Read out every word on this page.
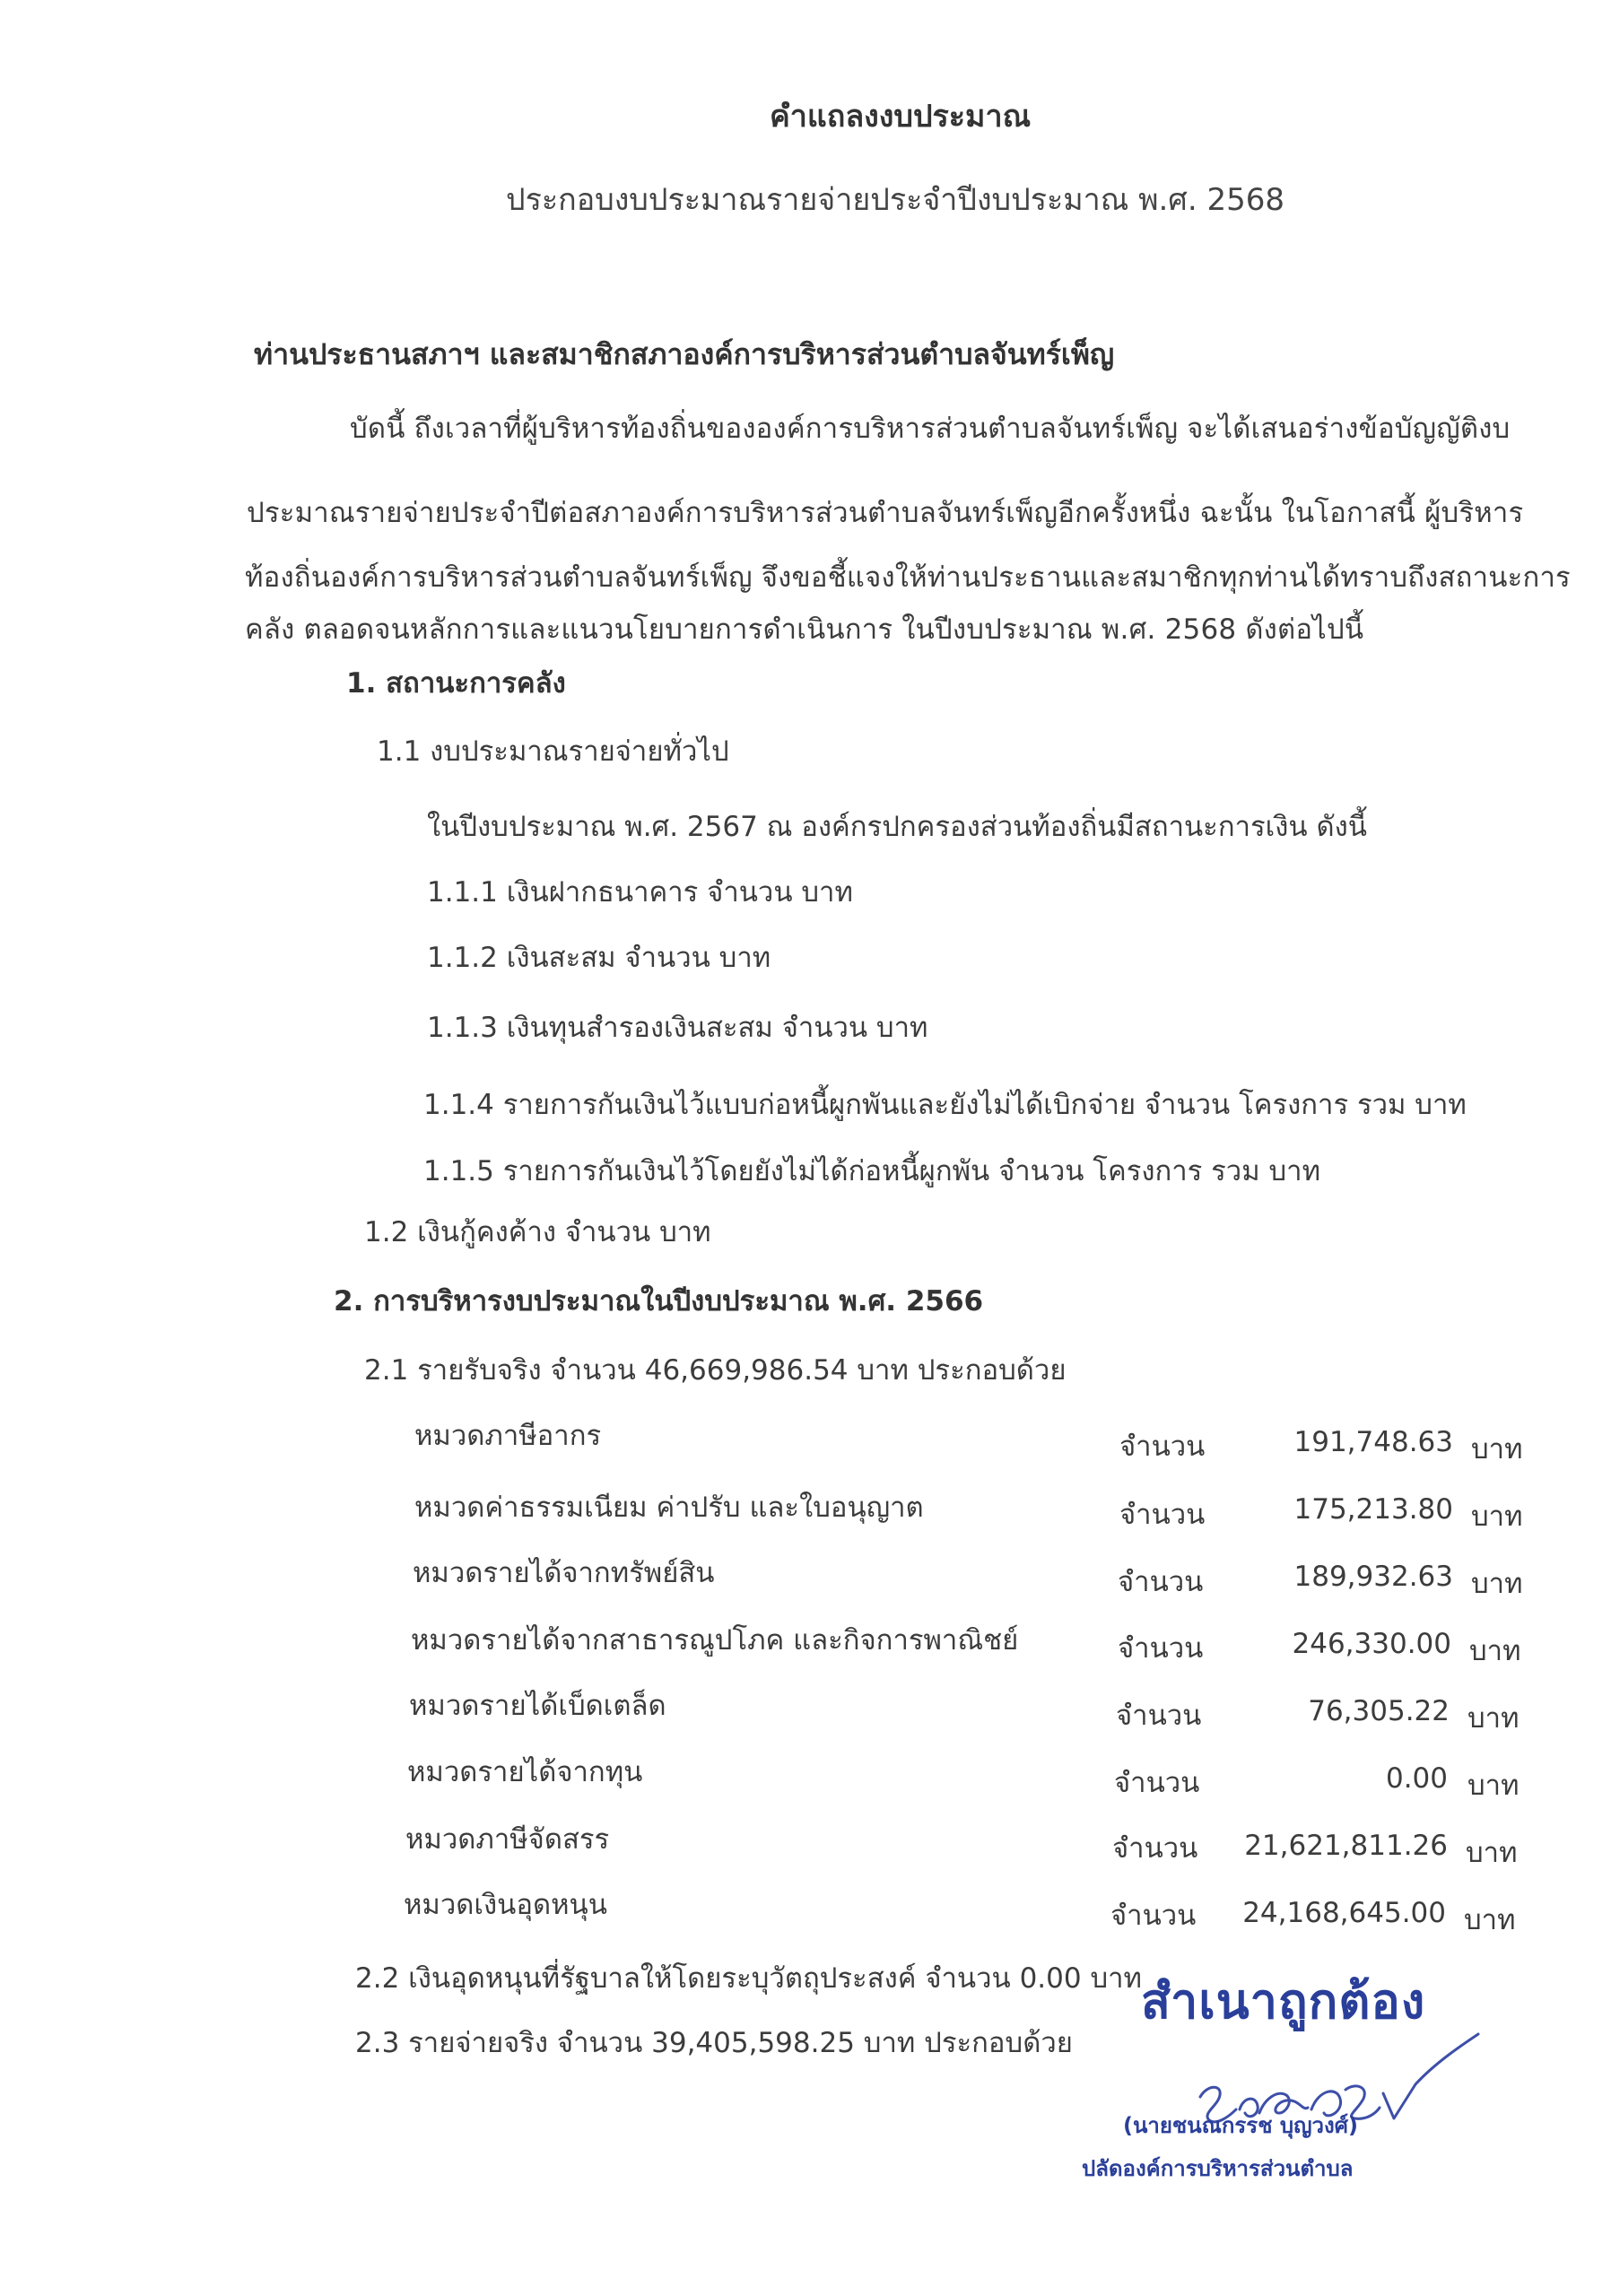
คำแถลงงบประมาณ
ประกอบงบประมาณรายจ่ายประจำปีงบประมาณ พ.ศ. 2568
ท่านประธานสภาฯ และสมาชิกสภาองค์การบริหารส่วนตำบลจันทร์เพ็ญ
บัดนี้ ถึงเวลาที่ผู้บริหารท้องถิ่นขององค์การบริหารส่วนตำบลจันทร์เพ็ญ จะได้เสนอร่างข้อบัญญัติงบ
ประมาณรายจ่ายประจำปีต่อสภาองค์การบริหารส่วนตำบลจันทร์เพ็ญอีกครั้งหนึ่ง ฉะนั้น ในโอกาสนี้ ผู้บริหาร
ท้องถิ่นองค์การบริหารส่วนตำบลจันทร์เพ็ญ จึงขอชี้แจงให้ท่านประธานและสมาชิกทุกท่านได้ทราบถึงสถานะการ
คลัง ตลอดจนหลักการและแนวนโยบายการดำเนินการ ในปีงบประมาณ พ.ศ. 2568 ดังต่อไปนี้
1. สถานะการคลัง
1.1 งบประมาณรายจ่ายทั่วไป
ในปีงบประมาณ พ.ศ. 2567 ณ องค์กรปกครองส่วนท้องถิ่นมีสถานะการเงิน ดังนี้
1.1.1 เงินฝากธนาคาร จำนวน บาท
1.1.2 เงินสะสม จำนวน บาท
1.1.3 เงินทุนสำรองเงินสะสม จำนวน บาท
1.1.4 รายการกันเงินไว้แบบก่อหนี้ผูกพันและยังไม่ได้เบิกจ่าย จำนวน โครงการ รวม บาท
1.1.5 รายการกันเงินไว้โดยยังไม่ได้ก่อหนี้ผูกพัน จำนวน โครงการ รวม บาท
1.2 เงินกู้คงค้าง จำนวน บาท
2. การบริหารงบประมาณในปีงบประมาณ พ.ศ. 2566
2.1 รายรับจริง จำนวน 46,669,986.54 บาท ประกอบด้วย
หมวดภาษีอากร	จำนวน	191,748.63 บาท
หมวดค่าธรรมเนียม ค่าปรับ และใบอนุญาต	จำนวน	175,213.80 บาท
หมวดรายได้จากทรัพย์สิน	จำนวน	189,932.63 บาท
หมวดรายได้จากสาธารณูปโภค และกิจการพาณิชย์	จำนวน	246,330.00 บาท
หมวดรายได้เบ็ดเตล็ด	จำนวน	76,305.22 บาท
หมวดรายได้จากทุน	จำนวน	0.00 บาท
หมวดภาษีจัดสรร	จำนวน	21,621,811.26 บาท
หมวดเงินอุดหนุน	จำนวน	24,168,645.00 บาท
2.2 เงินอุดหนุนที่รัฐบาลให้โดยระบุวัตถุประสงค์ จำนวน 0.00 บาท
2.3 รายจ่ายจริง จำนวน 39,405,598.25 บาท ประกอบด้วย
สำเนาถูกต้อง
(นายชนณกรรช บุญวงศ์)
ปลัดองค์การบริหารส่วนตำบล
